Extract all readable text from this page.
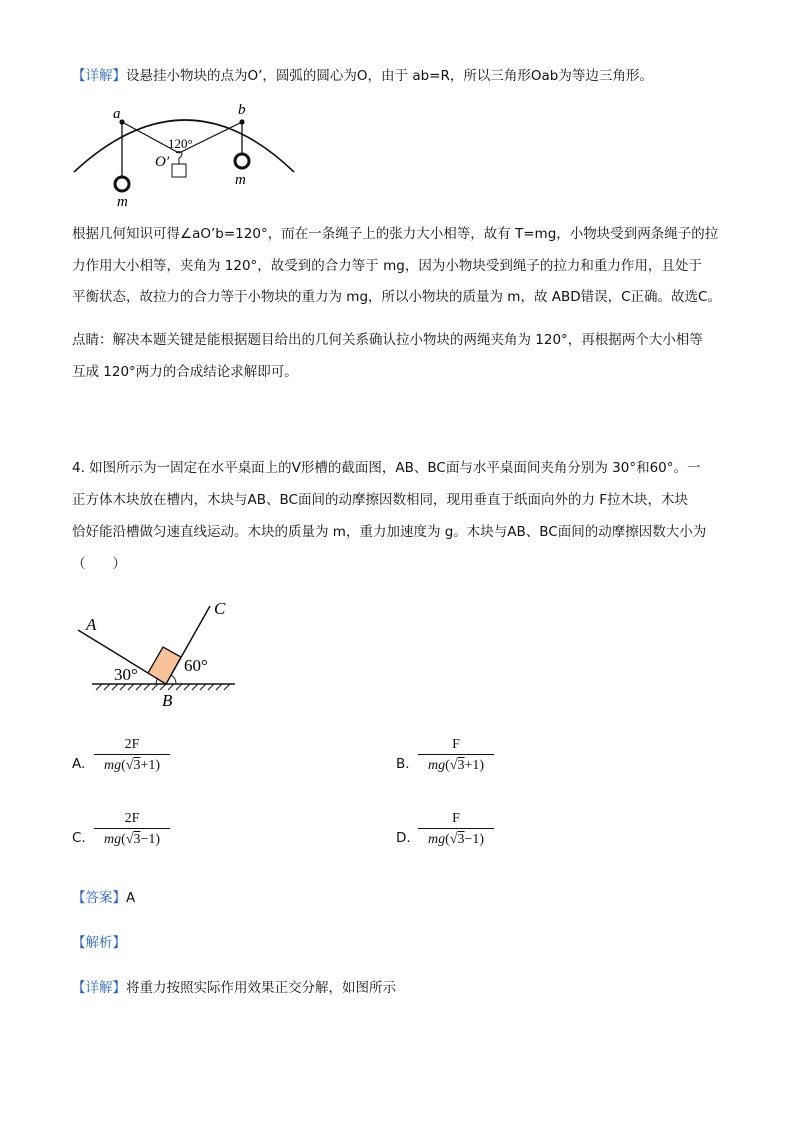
【详解】设悬挂小物块的点为O’，圆弧的圆心为O，由于 ab=R，所以三角形Oab为等边三角形。
a	b
120°
O′
m
m
根据几何知识可得∠aO’b=120°，而在一条绳子上的张力大小相等，故有 T=mg，小物块受到两条绳子的拉
力作用大小相等，夹角为 120°，故受到的合力等于 mg，因为小物块受到绳子的拉力和重力作用，且处于
平衡状态，故拉力的合力等于小物块的重力为 mg，所以小物块的质量为 m，故 ABD错误，C正确。故选C。
点睛：解决本题关键是能根据题目给出的几何关系确认拉小物块的两绳夹角为 120°，再根据两个大小相等
互成 120°两力的合成结论求解即可。
4. 如图所示为一固定在水平桌面上的Ⅴ形槽的截面图，AB、BC面与水平桌面间夹角分别为 30°和60°。一
正方体木块放在槽内，木块与AB、BC面间的动摩擦因数相同，现用垂直于纸面向外的力 F拉木块，木块
恰好能沿槽做匀速直线运动。木块的质量为 m，重力加速度为 g。木块与AB、BC面间的动摩擦因数大小为
（　　）
A
C
B
30°	60°
A.
2F
mg(√3+1)	B.
F
mg(√3+1)
C.
2F
mg(√3−1)	D.
F
mg(√3−1)
【答案】A
【解析】
【详解】将重力按照实际作用效果正交分解，如图所示
